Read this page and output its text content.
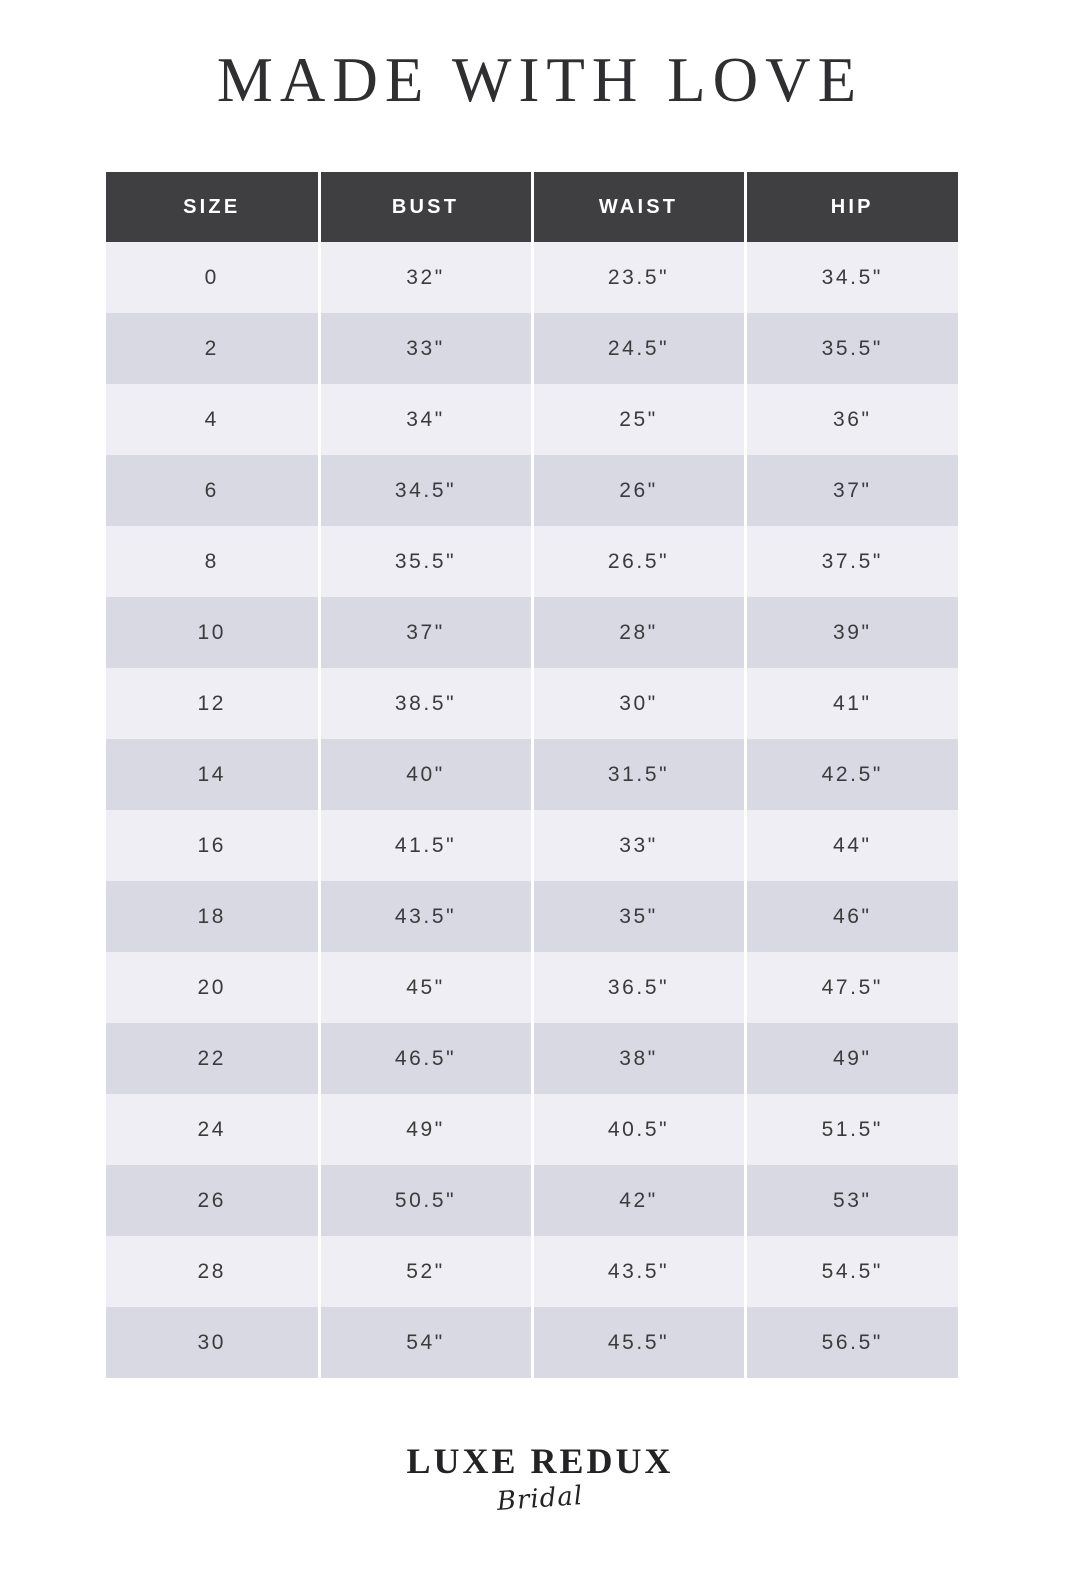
MADE WITH LOVE
SIZE	BUST	WAIST	HIP
0	32"	23.5"	34.5"
2	33"	24.5"	35.5"
4	34"	25"	36"
6	34.5"	26"	37"
8	35.5"	26.5"	37.5"
10	37"	28"	39"
12	38.5"	30"	41"
14	40"	31.5"	42.5"
16	41.5"	33"	44"
18	43.5"	35"	46"
20	45"	36.5"	47.5"
22	46.5"	38"	49"
24	49"	40.5"	51.5"
26	50.5"	42"	53"
28	52"	43.5"	54.5"
30	54"	45.5"	56.5"
LUXE REDUX
Bridal
